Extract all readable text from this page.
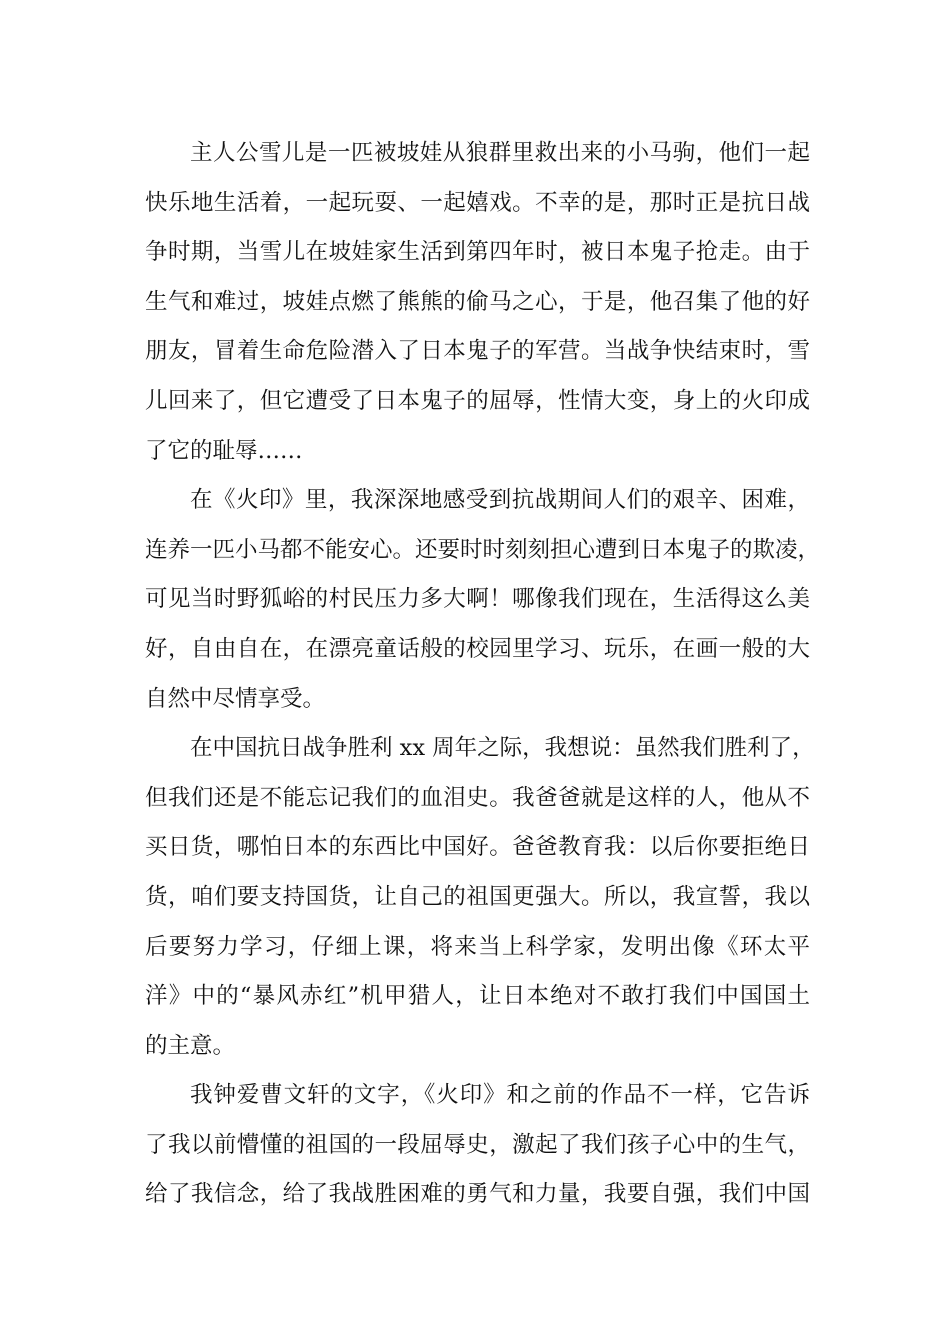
主人公雪儿是一匹被坡娃从狼群里救出来的小马驹，他们一起
快乐地生活着，一起玩耍、一起嬉戏。不幸的是，那时正是抗日战
争时期，当雪儿在坡娃家生活到第四年时，被日本鬼子抢走。由于
生气和难过，坡娃点燃了熊熊的偷马之心，于是，他召集了他的好
朋友，冒着生命危险潜入了日本鬼子的军营。当战争快结束时，雪
儿回来了，但它遭受了日本鬼子的屈辱，性情大变，身上的火印成
了它的耻辱……
在《火印》里，我深深地感受到抗战期间人们的艰辛、困难，
连养一匹小马都不能安心。还要时时刻刻担心遭到日本鬼子的欺凌，
可见当时野狐峪的村民压力多大啊！哪像我们现在，生活得这么美
好，自由自在，在漂亮童话般的校园里学习、玩乐，在画一般的大
自然中尽情享受。
在中国抗日战争胜利 xx 周年之际，我想说：虽然我们胜利了，
但我们还是不能忘记我们的血泪史。我爸爸就是这样的人，他从不
买日货，哪怕日本的东西比中国好。爸爸教育我：以后你要拒绝日
货，咱们要支持国货，让自己的祖国更强大。所以，我宣誓，我以
后要努力学习，仔细上课，将来当上科学家，发明出像《环太平
洋》中的“暴风赤红”机甲猎人，让日本绝对不敢打我们中国国土
的主意。
我钟爱曹文轩的文字，《火印》和之前的作品不一样，它告诉
了我以前懵懂的祖国的一段屈辱史，激起了我们孩子心中的生气，
给了我信念，给了我战胜困难的勇气和力量，我要自强，我们中国
